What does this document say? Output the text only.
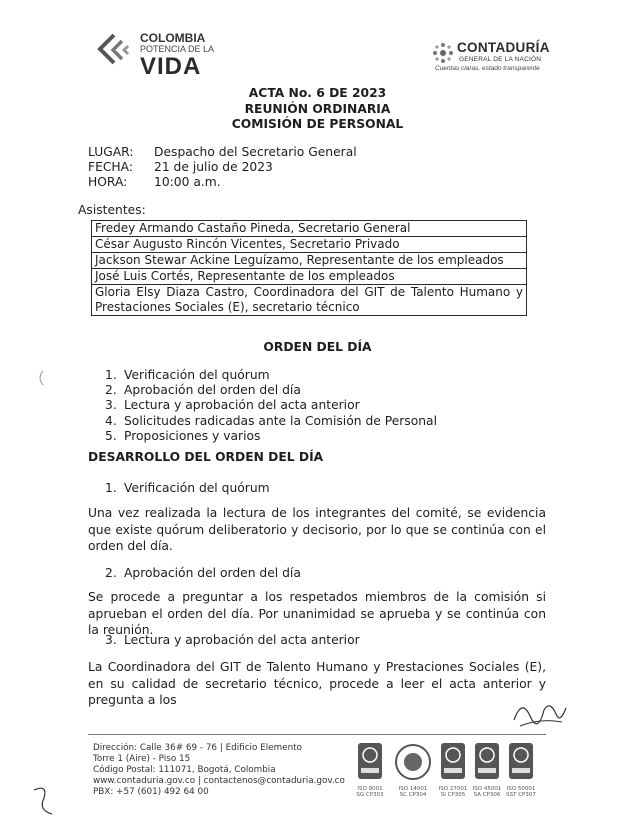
COLOMBIA
POTENCIA DE LA
VIDA
CONTADURÍA
GENERAL DE LA NACIÓN
Cuentas claras, estado transparente
ACTA No. 6 DE 2023
REUNIÓN ORDINARIA
COMISIÓN DE PERSONAL
LUGAR: Despacho del Secretario General
FECHA: 21 de julio de 2023
HORA: 10:00 a.m.
Asistentes:
Fredey Armando Castaño Pineda, Secretario General
César Augusto Rincón Vicentes, Secretario Privado
Jackson Stewar Ackine Leguízamo, Representante de los empleados
José Luis Cortés, Representante de los empleados
Gloria Elsy Diaza Castro, Coordinadora del GIT de Talento Humano y Prestaciones Sociales (E), secretario técnico
ORDEN DEL DÍA
1. Verificación del quórum
2. Aprobación del orden del día
3. Lectura y aprobación del acta anterior
4. Solicitudes radicadas ante la Comisión de Personal
5. Proposiciones y varios
DESARROLLO DEL ORDEN DEL DÍA
1. Verificación del quórum
Una vez realizada la lectura de los integrantes del comité, se evidencia que existe quórum deliberatorio y decisorio, por lo que se continúa con el orden del día.
2. Aprobación del orden del día
Se procede a preguntar a los respetados miembros de la comisión si aprueban el orden del día. Por unanimidad se aprueba y se continúa con la reunión.
3. Lectura y aprobación del acta anterior
La Coordinadora del GIT de Talento Humano y Prestaciones Sociales (E), en su calidad de secretario técnico, procede a leer el acta anterior y pregunta a los
Dirección: Calle 36# 69 - 76 | Edificio Elemento
Torre 1 (Aire) - Piso 15
Código Postal: 111071, Bogotá, Colombia
www.contaduria.gov.co | contactenos@contaduria.gov.co
PBX: +57 (601) 492 64 00	ISO 9001
SG CP303
ISO 14001
SC CP304
ISO 27001
SI CP305
ISO 45001
SA CP306
ISO 50001
SST CP307
